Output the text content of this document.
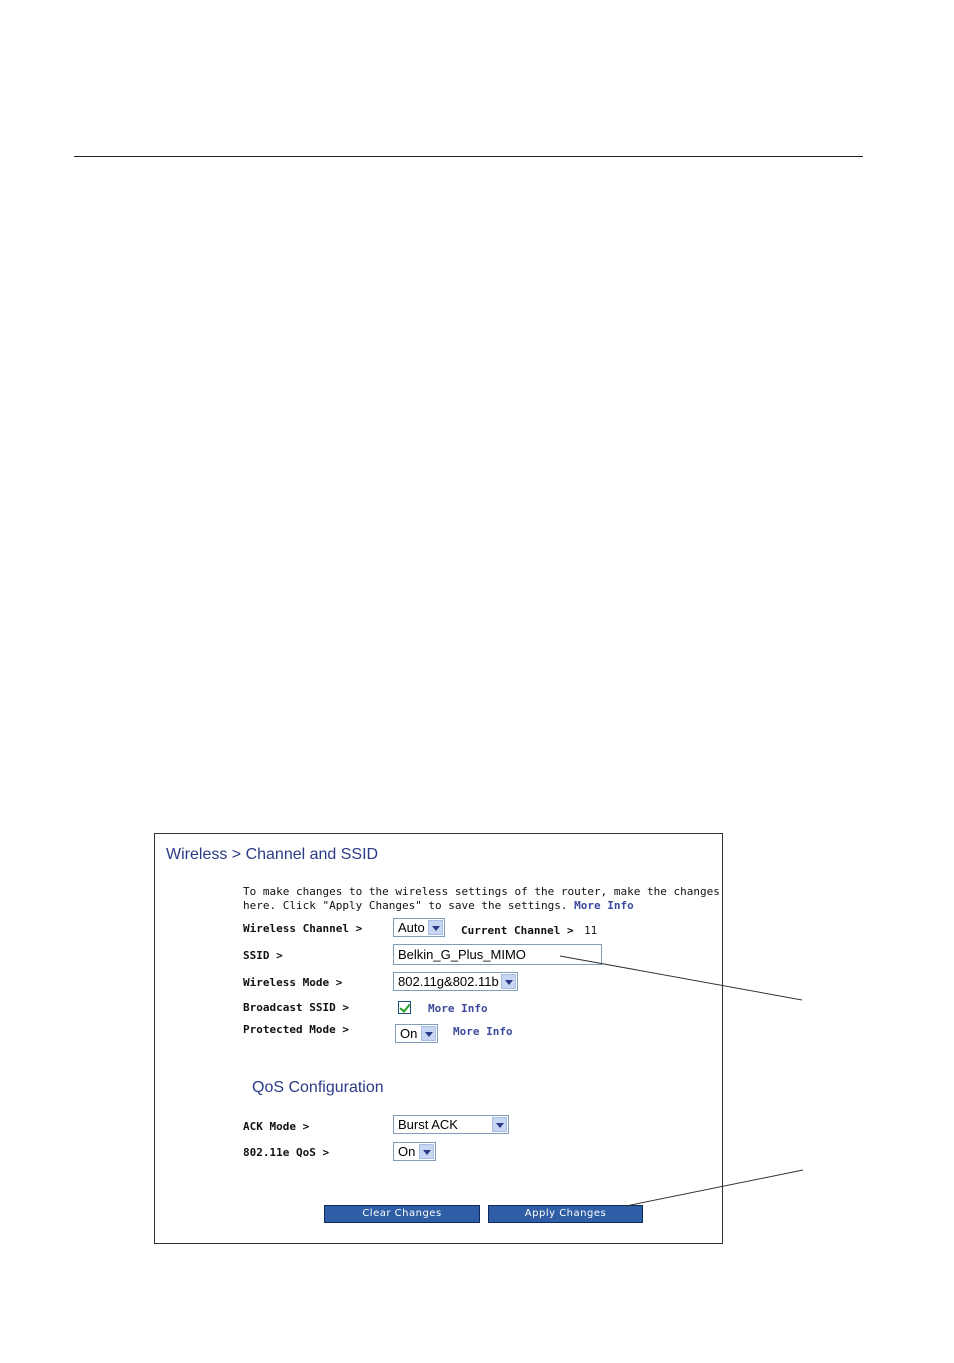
Wireless > Channel and SSID
To make changes to the wireless settings of the router, make the changes here. Click "Apply Changes" to save the settings. More Info
Wireless Channel >	Auto	Current Channel > 11
SSID >	Belkin_G_Plus_MIMO
Wireless Mode >	802.11g&802.11b
Broadcast SSID >	More Info
Protected Mode >	On	More Info
QoS Configuration
ACK Mode >	Burst ACK
802.11e QoS >	On
Clear Changes	Apply Changes
